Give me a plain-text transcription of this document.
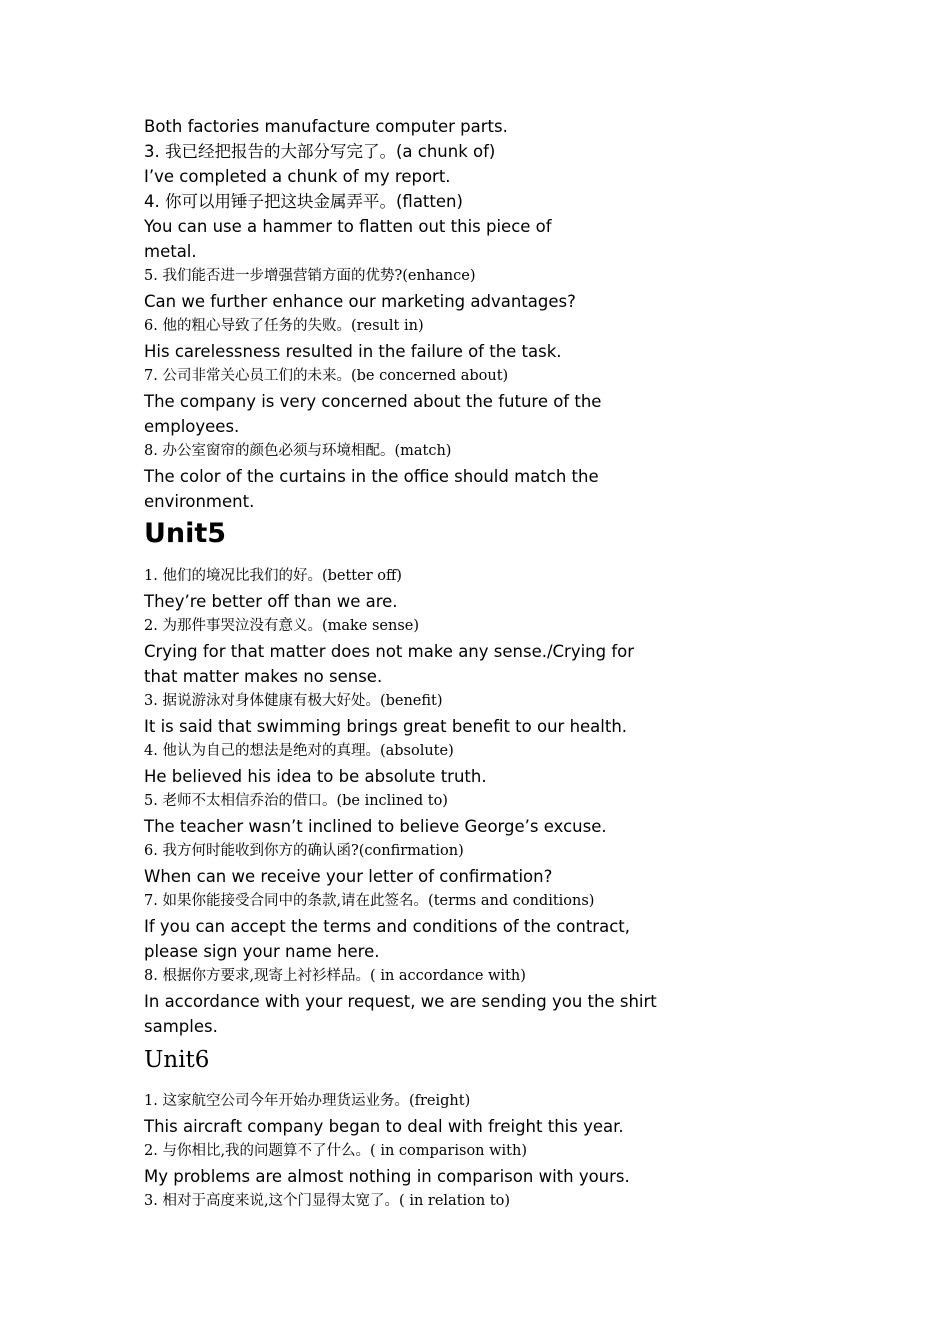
Both factories manufacture computer parts.
3. 我已经把报告的大部分写完了。(a chunk of)
I’ve completed a chunk of my report.
4. 你可以用锤子把这块金属弄平。(flatten)
You can use a hammer to flatten out this piece of
metal.
5. 我们能否进一步增强营销方面的优势?(enhance)
Can we further enhance our marketing advantages?
6. 他的粗心导致了任务的失败。(result in)
His carelessness resulted in the failure of the task.
7. 公司非常关心员工们的未来。(be concerned about)
The company is very concerned about the future of the
employees.
8. 办公室窗帘的颜色必须与环境相配。(match)
The color of the curtains in the office should match the
environment.
Unit5
1. 他们的境况比我们的好。(better off)
They’re better off than we are.
2. 为那件事哭泣没有意义。(make sense)
Crying for that matter does not make any sense./Crying for
that matter makes no sense.
3. 据说游泳对身体健康有极大好处。(benefit)
It is said that swimming brings great benefit to our health.
4. 他认为自己的想法是绝对的真理。(absolute)
He believed his idea to be absolute truth.
5. 老师不太相信乔治的借口。(be inclined to)
The teacher wasn’t inclined to believe George’s excuse.
6. 我方何时能收到你方的确认函?(confirmation)
When can we receive your letter of confirmation?
7. 如果你能接受合同中的条款,请在此签名。(terms and conditions)
If you can accept the terms and conditions of the contract,
please sign your name here.
8. 根据你方要求,现寄上衬衫样品。( in accordance with)
In accordance with your request, we are sending you the shirt
samples.
Unit6
1. 这家航空公司今年开始办理货运业务。(freight)
This aircraft company began to deal with freight this year.
2. 与你相比,我的问题算不了什么。( in comparison with)
My problems are almost nothing in comparison with yours.
3. 相对于高度来说,这个门显得太宽了。( in relation to)
